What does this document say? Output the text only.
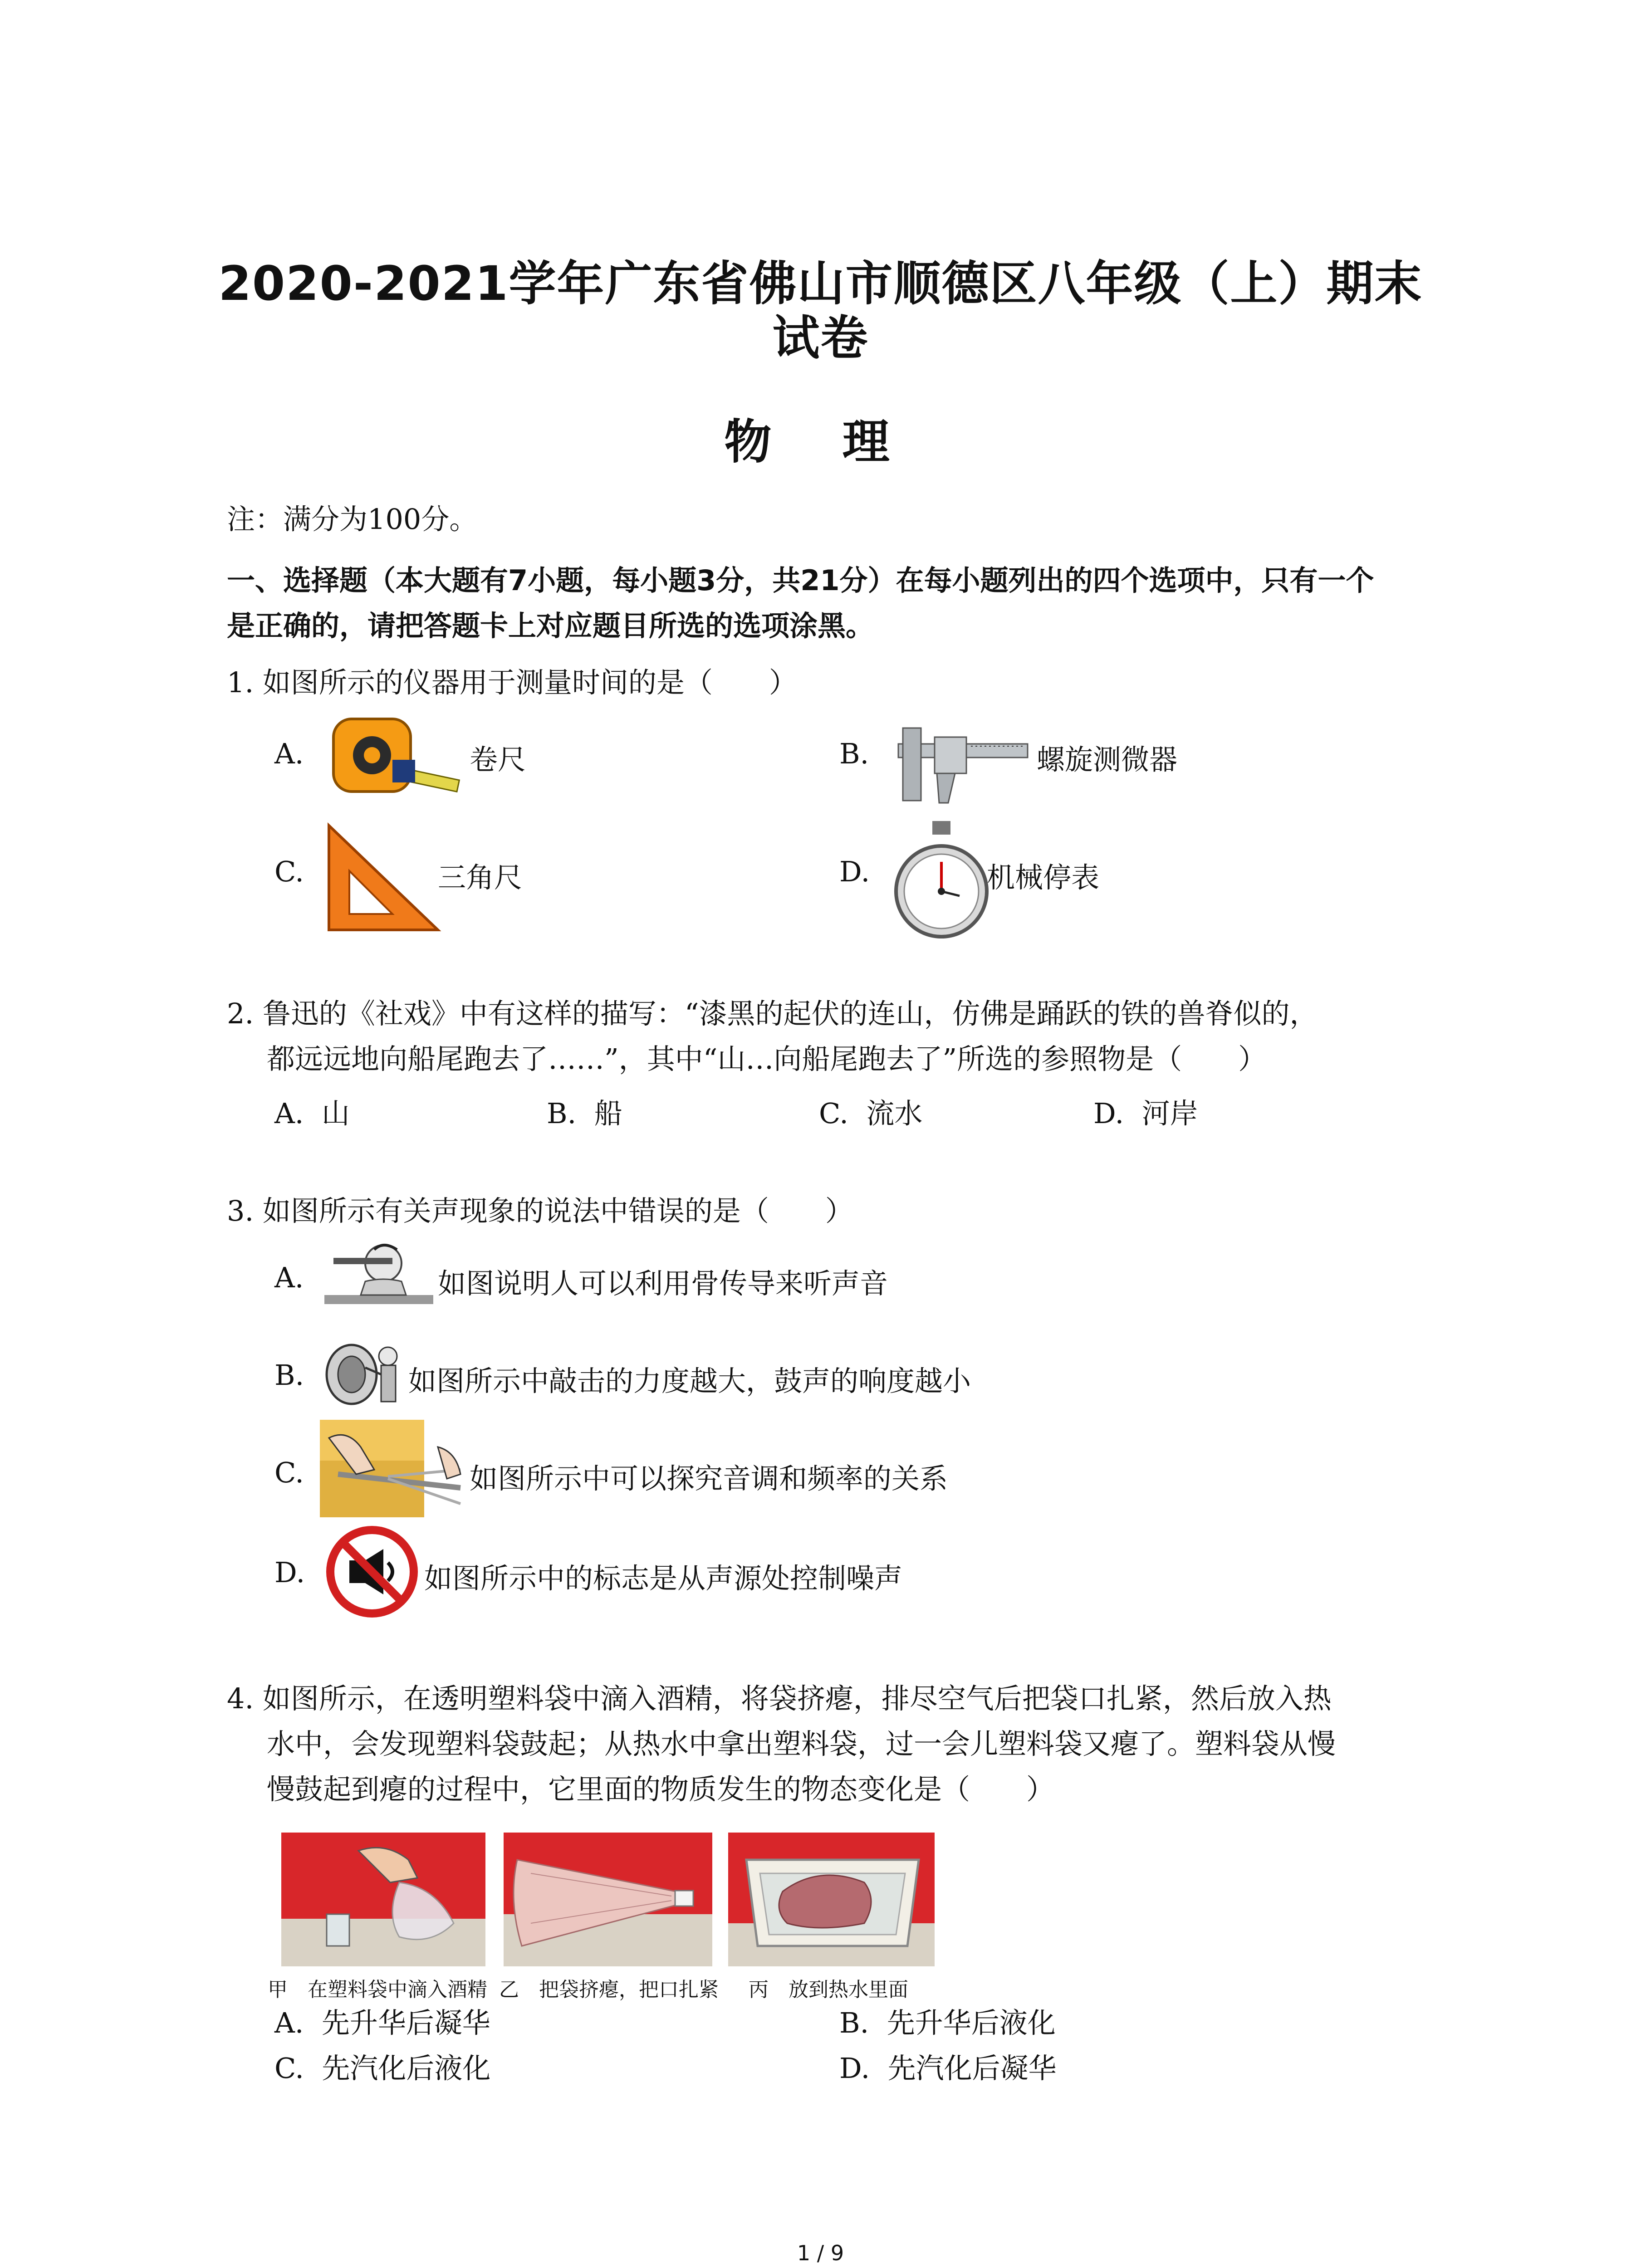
2020-2021学年广东省佛山市顺德区八年级（上）期末
试卷
物 理
注：满分为100分。
一、选择题（本大题有7小题，每小题3分，共21分）在每小题列出的四个选项中，只有一个
是正确的，请把答题卡上对应题目所选的选项涂黑。
1. 如图所示的仪器用于测量时间的是（　　）
A.	卷尺	B.	螺旋测微器
C.	三角尺	D.	机械停表
2. 鲁迅的《社戏》中有这样的描写：“漆黑的起伏的连山，仿佛是踊跃的铁的兽脊似的，
都远远地向船尾跑去了……”，其中“山…向船尾跑去了”所选的参照物是（　　）
A. 山	B. 船	C. 流水	D. 河岸
3. 如图所示有关声现象的说法中错误的是（　　）
A.	如图说明人可以利用骨传导来听声音
B.	如图所示中敲击的力度越大，鼓声的响度越小
C.	如图所示中可以探究音调和频率的关系
D.	如图所示中的标志是从声源处控制噪声
4. 如图所示，在透明塑料袋中滴入酒精，将袋挤瘪，排尽空气后把袋口扎紧，然后放入热
水中，会发现塑料袋鼓起；从热水中拿出塑料袋，过一会儿塑料袋又瘪了。塑料袋从慢
慢鼓起到瘪的过程中，它里面的物质发生的物态变化是（　　）
甲　在塑料袋中滴入酒精 乙　把袋挤瘪，把口扎紧 丙　放到热水里面
A. 先升华后凝华	B. 先升华后液化
C. 先汽化后液化	D. 先汽化后凝华
1 / 9
